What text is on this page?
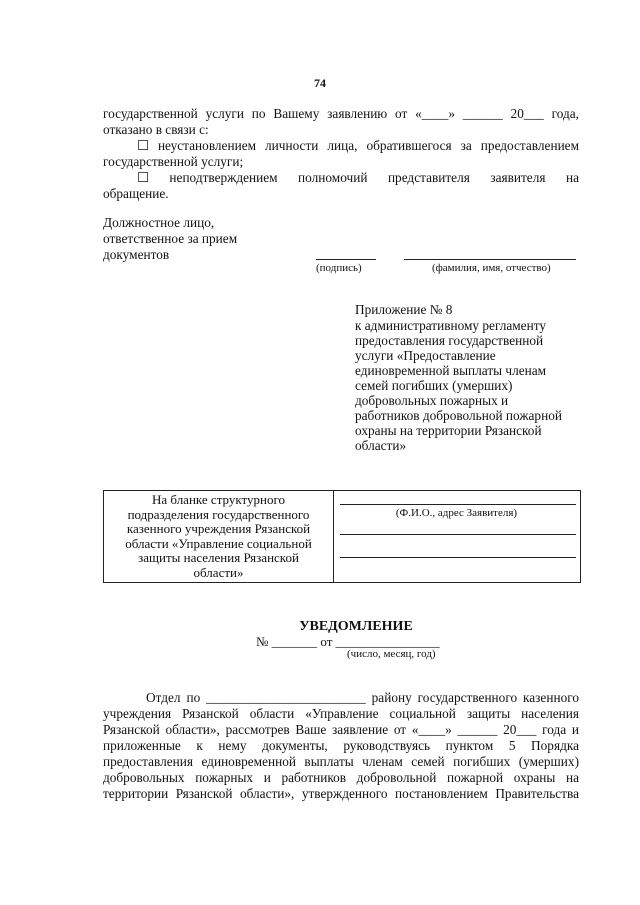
74
государственной услуги по Вашему заявлению от «____» ______ 20___ года,
отказано в связи с:
☐ неустановлением личности лица, обратившегося за предоставлением
государственной услуги;
☐ неподтверждением полномочий представителя заявителя на
обращение.
Должностное лицо,
ответственное за прием
документов
(подпись)	(фамилия, имя, отчество)
Приложение № 8
к административному регламенту
предоставления государственной
услуги «Предоставление
единовременной выплаты членам
семей погибших (умерших)
добровольных пожарных и
работников добровольной пожарной
охраны на территории Рязанской
области»
На бланке структурного
подразделения государственного
казенного учреждения Рязанской
области «Управление социальной
защиты населения Рязанской
области»
(Ф.И.О., адрес Заявителя)
УВЕДОМЛЕНИЕ
№ _______ от ________________
(число, месяц, год)
Отдел по ________________________ району государственного казенного
учреждения Рязанской области «Управление социальной защиты населения
Рязанской области», рассмотрев Ваше заявление от «____» ______ 20___ года и
приложенные к нему документы, руководствуясь пунктом 5 Порядка
предоставления единовременной выплаты членам семей погибших (умерших)
добровольных пожарных и работников добровольной пожарной охраны на
территории Рязанской области», утвержденного постановлением Правительства
